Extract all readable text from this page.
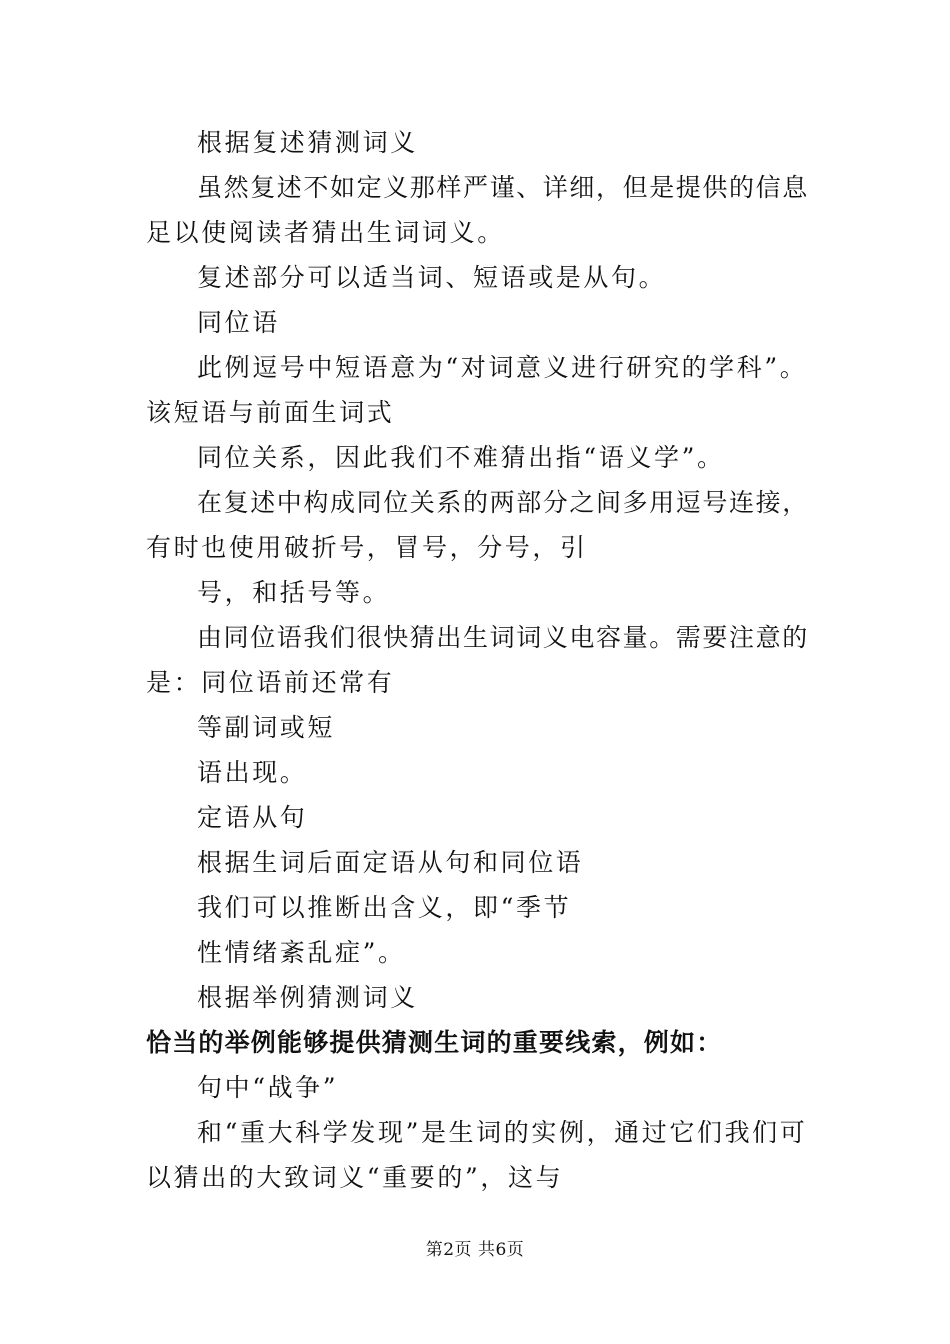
根据复述猜测词义

虽然复述不如定义那样严谨、详细，但是提供的信息

足以使阅读者猜出生词词义。

复述部分可以适当词、短语或是从句。

同位语

此例逗号中短语意为“对词意义进行研究的学科”。

该短语与前面生词式

同位关系，因此我们不难猜出指“语义学”。

在复述中构成同位关系的两部分之间多用逗号连接，

有时也使用破折号，冒号，分号，引

号，和括号等。

由同位语我们很快猜出生词词义电容量。需要注意的

是：同位语前还常有

等副词或短

语出现。

定语从句

根据生词后面定语从句和同位语

我们可以推断出含义，即“季节

性情绪紊乱症”。

根据举例猜测词义

恰当的举例能够提供猜测生词的重要线索，例如：

句中“战争”

和“重大科学发现”是生词的实例，通过它们我们可

以猜出的大致词义“重要的”，这与

第2页 共6页
